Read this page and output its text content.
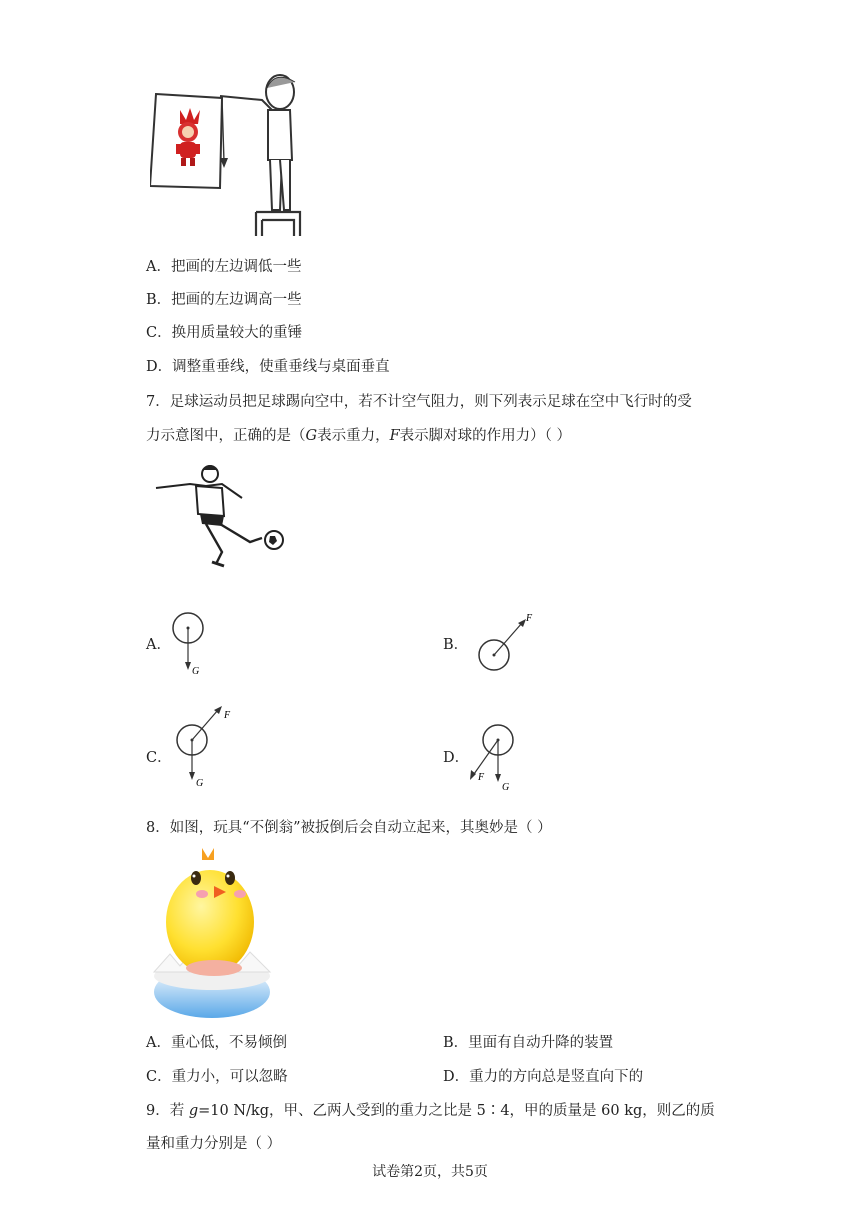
A．把画的左边调低一些
B．把画的左边调高一些
C．换用质量较大的重锤
D．调整重垂线，使重垂线与桌面垂直
7．足球运动员把足球踢向空中，若不计空气阻力，则下列表示足球在空中飞行时的受
力示意图中，正确的是（G表示重力，F表示脚对球的作用力）（ ）
A．
G
B．
F
C．
F
G
D．
F
G
8．如图，玩具“不倒翁”被扳倒后会自动立起来，其奥妙是（ ）
A．重心低，不易倾倒	B．里面有自动升降的装置
C．重力小，可以忽略	D．重力的方向总是竖直向下的
9．若 g=10 N/kg，甲、乙两人受到的重力之比是 5∶4，甲的质量是 60 kg，则乙的质
量和重力分别是（ ）
试卷第2页，共5页
